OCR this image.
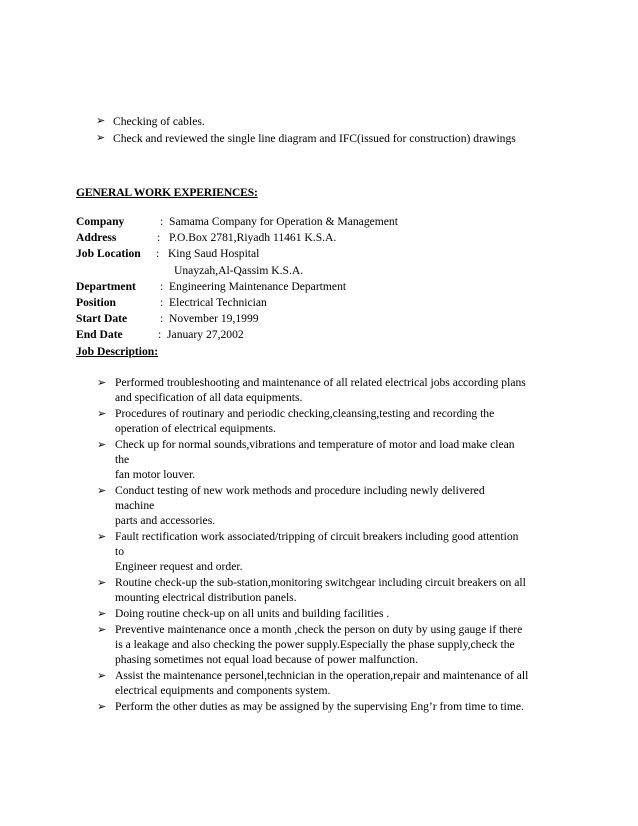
➢ Checking of cables.
➢ Check and reviewed the single line diagram and IFC(issued for construction) drawings
GENERAL WORK EXPERIENCES:
Company	: Samama Company for Operation & Management
Address	: P.O.Box 2781,Riyadh 11461 K.S.A.
Job Location : King Saud Hospital
Unayzah,Al-Qassim K.S.A.
Department : Engineering Maintenance Department
Position	: Electrical Technician
Start Date	: November 19,1999
End Date	: January 27,2002
Job Description:
➢ Performed troubleshooting and maintenance of all related electrical jobs according plans
and specification of all data equipments.
➢ Procedures of routinary and periodic checking,cleansing,testing and recording the
operation of electrical equipments.
➢ Check up for normal sounds,vibrations and temperature of motor and load make clean
the
fan motor louver.
➢ Conduct testing of new work methods and procedure including newly delivered
machine
parts and accessories.
➢ Fault rectification work associated/tripping of circuit breakers including good attention
to
Engineer request and order.
➢ Routine check-up the sub-station,monitoring switchgear including circuit breakers on all
mounting electrical distribution panels.
➢ Doing routine check-up on all units and building facilities .
➢ Preventive maintenance once a month ,check the person on duty by using gauge if there
is a leakage and also checking the power supply.Especially the phase supply,check the
phasing sometimes not equal load because of power malfunction.
➢ Assist the maintenance personel,technician in the operation,repair and maintenance of all
electrical equipments and components system.
➢ Perform the other duties as may be assigned by the supervising Eng’r from time to time.
